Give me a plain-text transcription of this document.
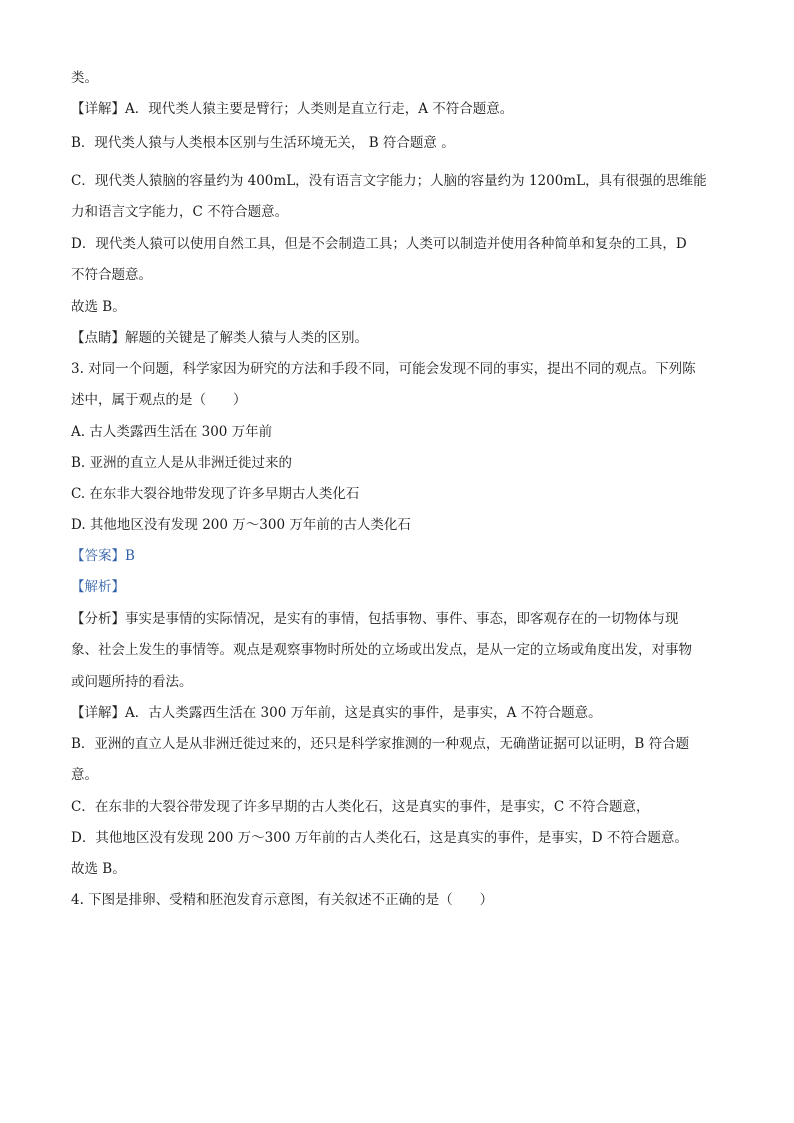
类。
【详解】A．现代类人猿主要是臂行；人类则是直立行走，A 不符合题意。
B．现代类人猿与人类根本区别与生活环境无关， B 符合题意 。
C．现代类人猿脑的容量约为 400mL，没有语言文字能力；人脑的容量约为 1200mL，具有很强的思维能
力和语言文字能力，C 不符合题意。
D．现代类人猿可以使用自然工具，但是不会制造工具；人类可以制造并使用各种简单和复杂的工具，D
不符合题意。
故选 B。
【点睛】解题的关键是了解类人猿与人类的区别。
3. 对同一个问题，科学家因为研究的方法和手段不同，可能会发现不同的事实，提出不同的观点。下列陈
述中，属于观点的是（　　）
A. 古人类露西生活在 300 万年前
B. 亚洲的直立人是从非洲迁徙过来的
C. 在东非大裂谷地带发现了许多早期古人类化石
D. 其他地区没有发现 200 万～300 万年前的古人类化石
【答案】B
【解析】
【分析】事实是事情的实际情况，是实有的事情，包括事物、事件、事态，即客观存在的一切物体与现
象、社会上发生的事情等。观点是观察事物时所处的立场或出发点，是从一定的立场或角度出发，对事物
或问题所持的看法。
【详解】A．古人类露西生活在 300 万年前，这是真实的事件，是事实，A 不符合题意。
B．亚洲的直立人是从非洲迁徙过来的，还只是科学家推测的一种观点，无确凿证据可以证明，B 符合题
意。
C．在东非的大裂谷带发现了许多早期的古人类化石，这是真实的事件，是事实，C 不符合题意，
D．其他地区没有发现 200 万～300 万年前的古人类化石，这是真实的事件，是事实，D 不符合题意。
故选 B。
4. 下图是排卵、受精和胚泡发育示意图，有关叙述不正确的是（　　）
